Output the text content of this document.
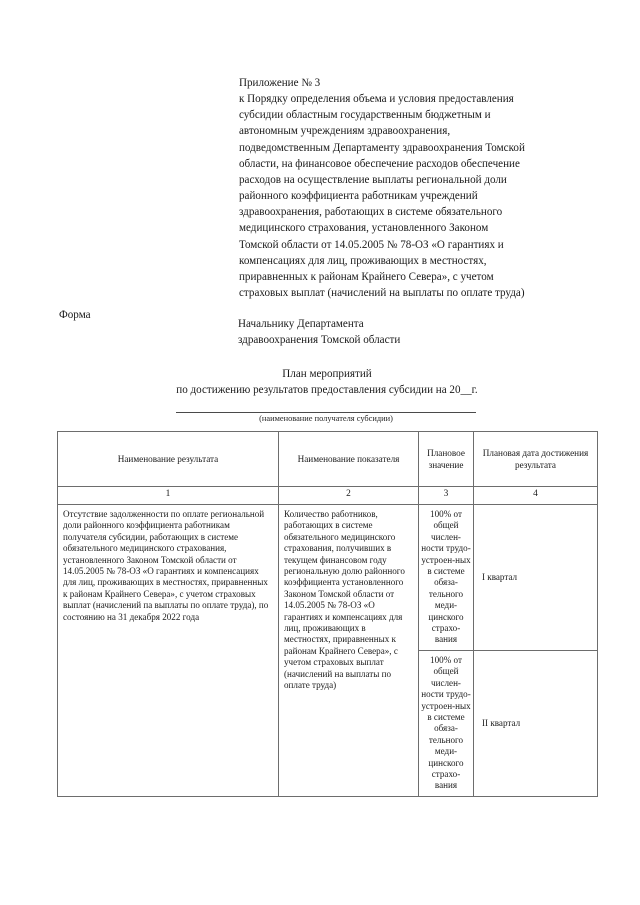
Приложение № 3

к Порядку определения объема и условия предоставления

субсидии областным государственным бюджетным и

автономным учреждениям здравоохранения,

подведомственным Департаменту здравоохранения Томской

области, на финансовое обеспечение расходов обеспечение

расходов на осуществление выплаты региональной доли

районного коэффициента работникам учреждений

здравоохранения, работающих в системе обязательного

медицинского страхования, установленного Законом

Томской области от 14.05.2005 № 78-ОЗ «О гарантиях и

компенсациях для лиц, проживающих в местностях,

приравненных к районам Крайнего Севера», с учетом

страховых выплат (начислений на выплаты по оплате труда)

Форма

Начальнику Департамента

здравоохранения Томской области

План мероприятий

по достижению результатов предоставления субсидии на 20__г.

(наименование получателя субсидии)
Наименование результата	Наименование показателя	Плановое значение	Плановая дата достижения результата
1	2	3	4
Отсутствие задолженности по оплате региональной доли районного коэффициента работникам получателя субсидии, работающих в системе обязательного медицинского страхования, установленного Законом Томской области от 14.05.2005 № 78-ОЗ «О гарантиях и компенсациях для лиц, проживающих в местностях, приравненных к районам Крайнего Севера», с учетом страховых выплат (начислений па выплаты по оплате труда), по состоянию на 31 декабря 2022 года	Количество работников, работающих в системе обязательного медицинского страхования, получивших в текущем финансовом году региональную долю районного коэффициента установленного Законом Томской области от 14.05.2005 № 78-ОЗ «О гарантиях и компенсациях для лиц, проживающих в местностях, приравненных к районам Крайнего Севера», с учетом страховых выплат (начислений на выплаты по оплате труда)	100% от общей числен-ности трудо-устроен-ных в системе обяза-тельного меди-цинского страхо-вания	I квартал
		100% от общей числен-ности трудо-устроен-ных в системе обяза-тельного меди-цинского страхо-вания	II квартал
